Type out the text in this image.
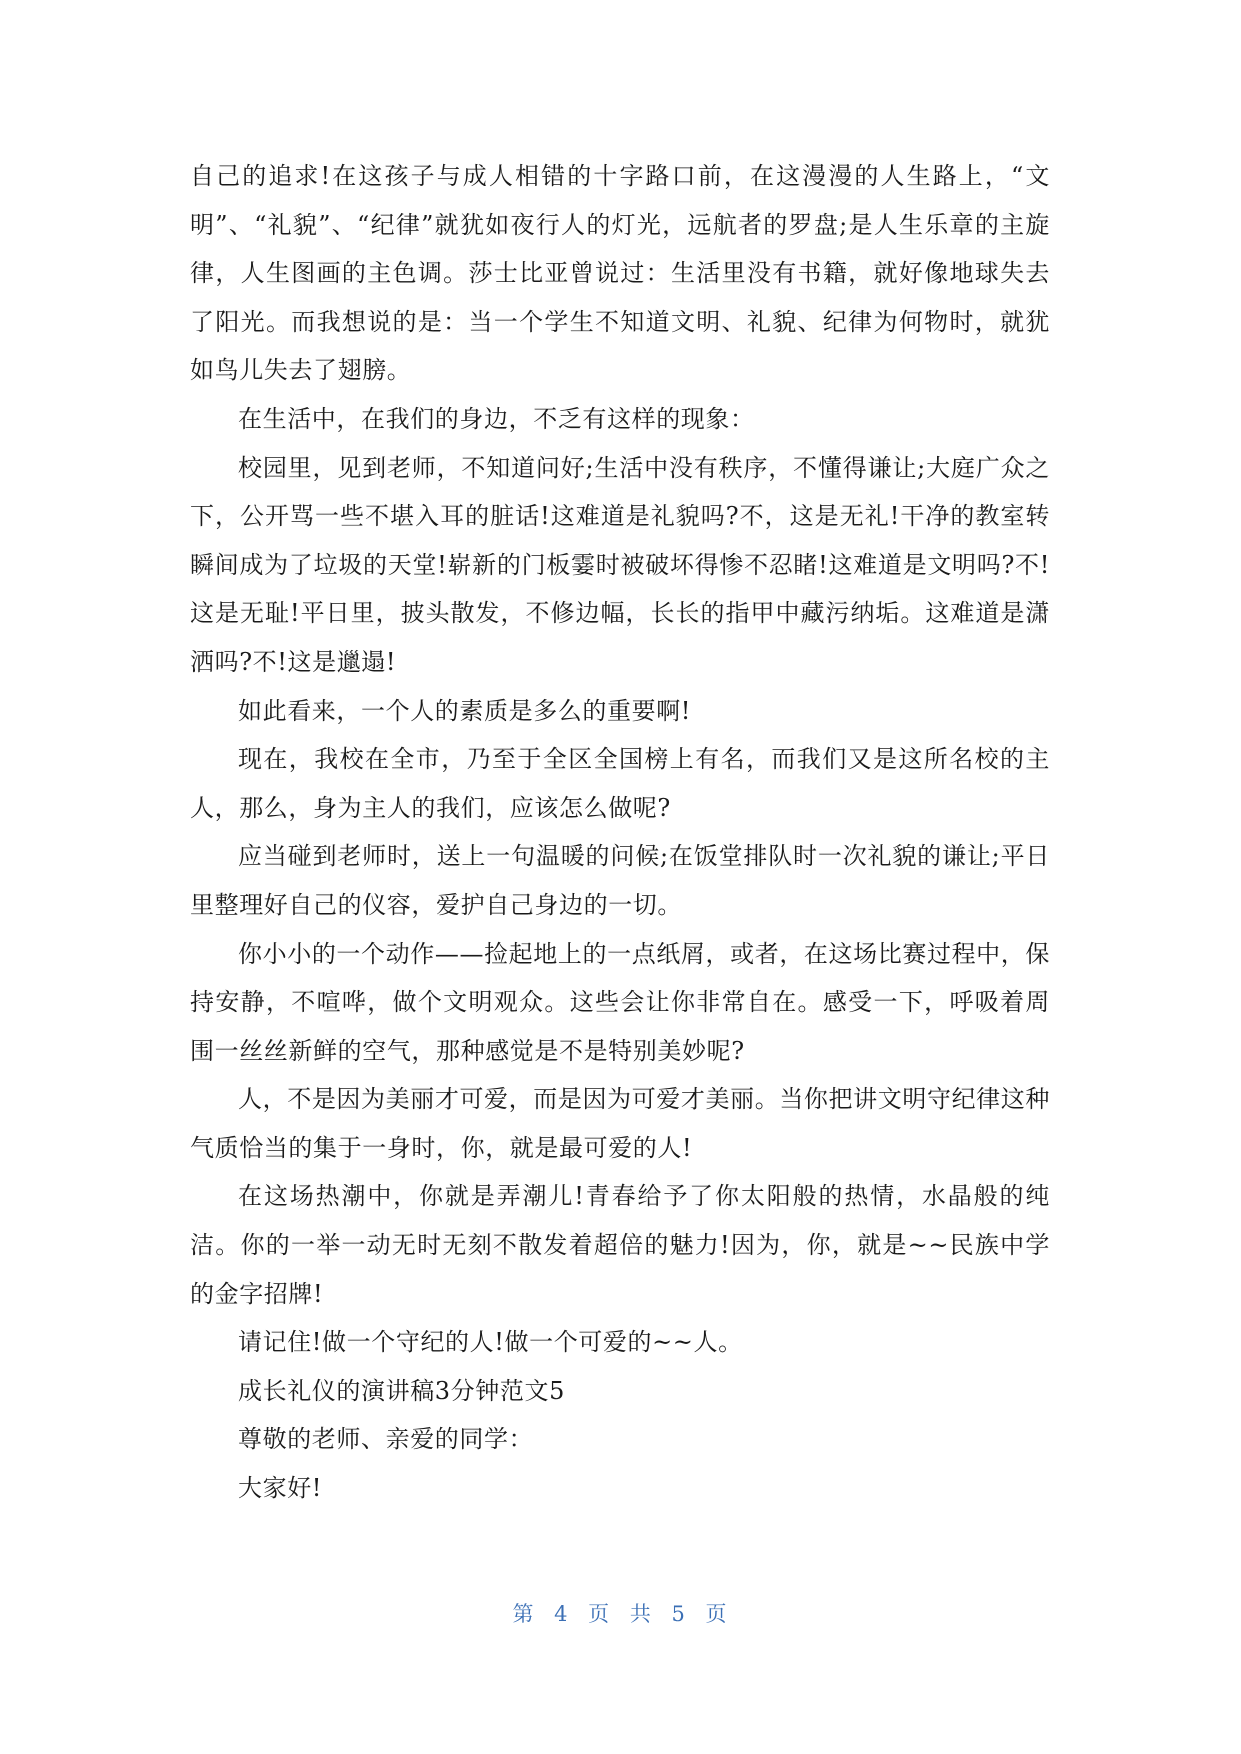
自己的追求!在这孩子与成人相错的十字路口前，在这漫漫的人生路上，“文明”、“礼貌”、“纪律”就犹如夜行人的灯光，远航者的罗盘;是人生乐章的主旋律，人生图画的主色调。莎士比亚曾说过：生活里没有书籍，就好像地球失去了阳光。而我想说的是：当一个学生不知道文明、礼貌、纪律为何物时，就犹如鸟儿失去了翅膀。

在生活中，在我们的身边，不乏有这样的现象：

校园里，见到老师，不知道问好;生活中没有秩序，不懂得谦让;大庭广众之下，公开骂一些不堪入耳的脏话!这难道是礼貌吗?不，这是无礼!干净的教室转瞬间成为了垃圾的天堂!崭新的门板霎时被破坏得惨不忍睹!这难道是文明吗?不!这是无耻!平日里，披头散发，不修边幅，长长的指甲中藏污纳垢。这难道是潇洒吗?不!这是邋遢!

如此看来，一个人的素质是多么的重要啊!

现在，我校在全市，乃至于全区全国榜上有名，而我们又是这所名校的主人，那么，身为主人的我们，应该怎么做呢?

应当碰到老师时，送上一句温暖的问候;在饭堂排队时一次礼貌的谦让;平日里整理好自己的仪容，爱护自己身边的一切。

你小小的一个动作——捡起地上的一点纸屑，或者，在这场比赛过程中，保持安静，不喧哗，做个文明观众。这些会让你非常自在。感受一下，呼吸着周围一丝丝新鲜的空气，那种感觉是不是特别美妙呢?

人，不是因为美丽才可爱，而是因为可爱才美丽。当你把讲文明守纪律这种气质恰当的集于一身时，你，就是最可爱的人!

在这场热潮中，你就是弄潮儿!青春给予了你太阳般的热情，水晶般的纯洁。你的一举一动无时无刻不散发着超倍的魅力!因为，你，就是~~民族中学的金字招牌!

请记住!做一个守纪的人!做一个可爱的~~人。

成长礼仪的演讲稿3分钟范文5

尊敬的老师、亲爱的同学：

大家好!

第 4 页 共 5 页
